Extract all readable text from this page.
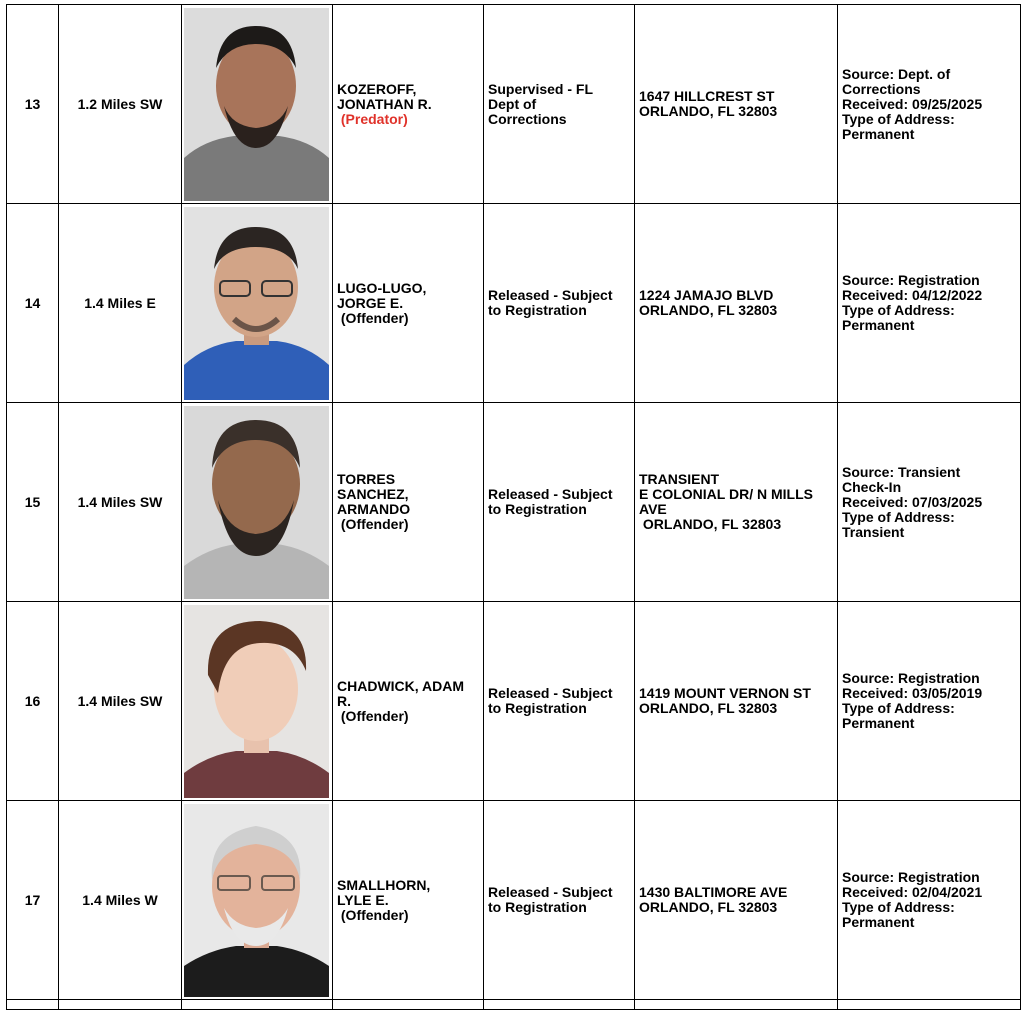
13	1.2 Miles SW		KOZEROFF,
JONATHAN R.
(Predator)	Supervised - FL
Dept of
Corrections	1647 HILLCREST ST
ORLANDO, FL 32803	Source: Dept. of
Corrections
Received: 09/25/2025
Type of Address:
Permanent

14	1.4 Miles E		LUGO-LUGO,
JORGE E.
(Offender)	Released - Subject
to Registration	1224 JAMAJO BLVD
ORLANDO, FL 32803	Source: Registration
Received: 04/12/2022
Type of Address:
Permanent

15	1.4 Miles SW		TORRES
SANCHEZ,
ARMANDO
(Offender)	Released - Subject
to Registration	TRANSIENT
E COLONIAL DR/ N MILLS
AVE
ORLANDO, FL 32803	Source: Transient
Check-In
Received: 07/03/2025
Type of Address:
Transient

16	1.4 Miles SW		CHADWICK, ADAM
R.
(Offender)	Released - Subject
to Registration	1419 MOUNT VERNON ST
ORLANDO, FL 32803	Source: Registration
Received: 03/05/2019
Type of Address:
Permanent

17	1.4 Miles W		SMALLHORN,
LYLE E.
(Offender)	Released - Subject
to Registration	1430 BALTIMORE AVE
ORLANDO, FL 32803	Source: Registration
Received: 02/04/2021
Type of Address:
Permanent
